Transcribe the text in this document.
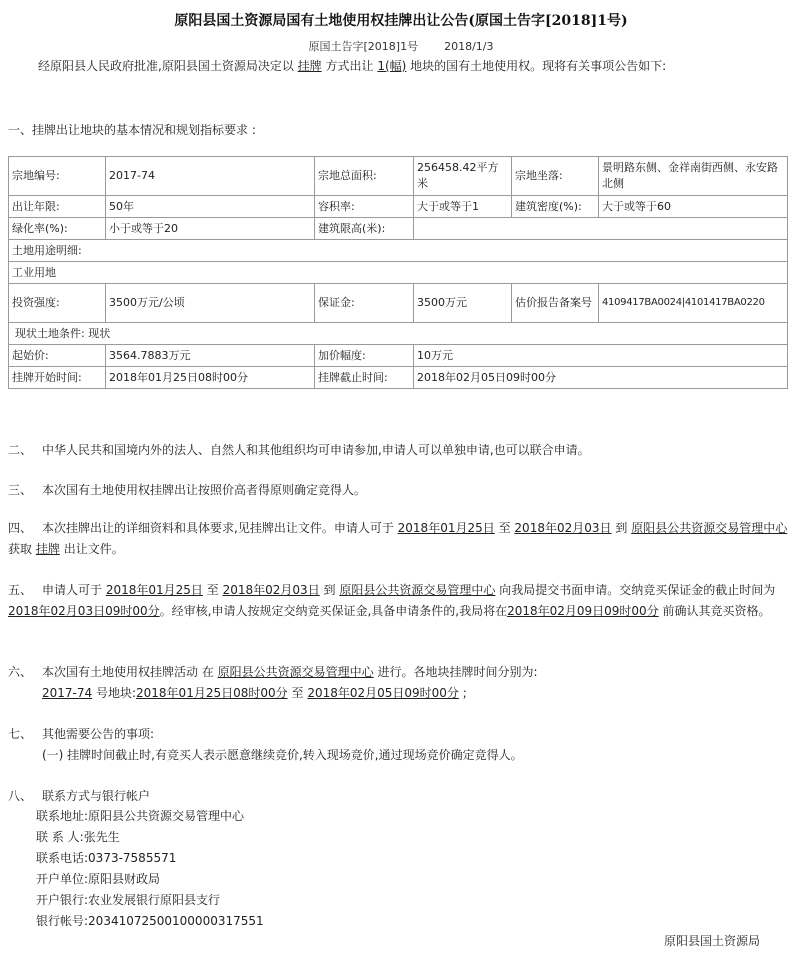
原阳县国土资源局国有土地使用权挂牌出让公告(原国土告字[2018]1号)
原国土告字[2018]1号 2018/1/3
经原阳县人民政府批准,原阳县国土资源局决定以 挂牌 方式出让 1(幅) 地块的国有土地使用权。现将有关事项公告如下:
一、挂牌出让地块的基本情况和规划指标要求 :
宗地编号:	2017-74	宗地总面积:	256458.42平方米	宗地坐落:	景明路东侧、金祥南街西侧、永安路北侧
出让年限:	50年	容积率:	大于或等于1	建筑密度(%):	大于或等于60
绿化率(%):	小于或等于20	建筑限高(米):			
土地用途明细:					
工业用地					
投资强度:	3500万元/公顷	保证金:	3500万元	估价报告备案号	4109417BA0024|4101417BA0220
现状土地条件: 现状					
起始价:	3564.7883万元	加价幅度:	10万元		
挂牌开始时间:	2018年01月25日08时00分	挂牌截止时间:	2018年02月05日09时00分		
二、 中华人民共和国境内外的法人、自然人和其他组织均可申请参加,申请人可以单独申请,也可以联合申请。
三、 本次国有土地使用权挂牌出让按照价高者得原则确定竞得人。
四、 本次挂牌出让的详细资料和具体要求,见挂牌出让文件。申请人可于 2018年01月25日 至 2018年02月03日 到 原阳县公共资源交易管理中心 获取 挂牌 出让文件。
五、 申请人可于 2018年01月25日 至 2018年02月03日 到 原阳县公共资源交易管理中心 向我局提交书面申请。交纳竞买保证金的截止时间为2018年02月03日09时00分。经审核,申请人按规定交纳竞买保证金,具备申请条件的,我局将在2018年02月09日09时00分 前确认其竞买资格。
六、 本次国有土地使用权挂牌活动 在 原阳县公共资源交易管理中心 进行。各地块挂牌时间分别为:
2017-74 号地块:2018年01月25日08时00分 至 2018年02月05日09时00分 ;
七、 其他需要公告的事项:
(一) 挂牌时间截止时,有竞买人表示愿意继续竞价,转入现场竞价,通过现场竞价确定竞得人。
八、 联系方式与银行帐户
联系地址:原阳县公共资源交易管理中心
联 系 人:张先生
联系电话:0373-7585571
开户单位:原阳县财政局
开户银行:农业发展银行原阳县支行
银行帐号:20341072500100000317551
原阳县国土资源局
